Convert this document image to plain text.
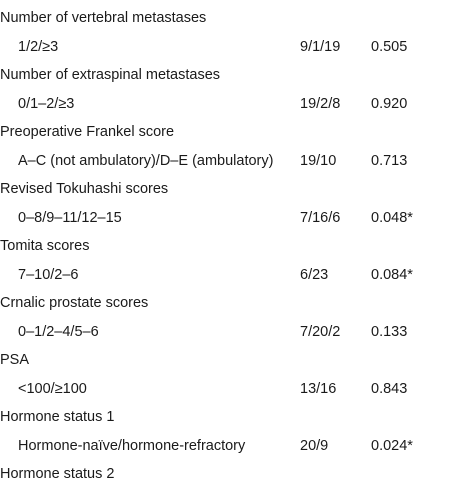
Number of vertebral metastases
1/2/≥3	9/1/19 0.505
Number of extraspinal metastases
0/1–2/≥3	19/2/8 0.920
Preoperative Frankel score
A–C (not ambulatory)/D–E (ambulatory) 19/10 0.713
Revised Tokuhashi scores
0–8/9–11/12–15	7/16/6 0.048*
Tomita scores
7–10/2–6	6/23	0.084*
Crnalic prostate scores
0–1/2–4/5–6	7/20/2 0.133
PSA
<100/≥100	13/16 0.843
Hormone status 1
Hormone-naïve/hormone-refractory	20/9	0.024*
Hormone status 2
